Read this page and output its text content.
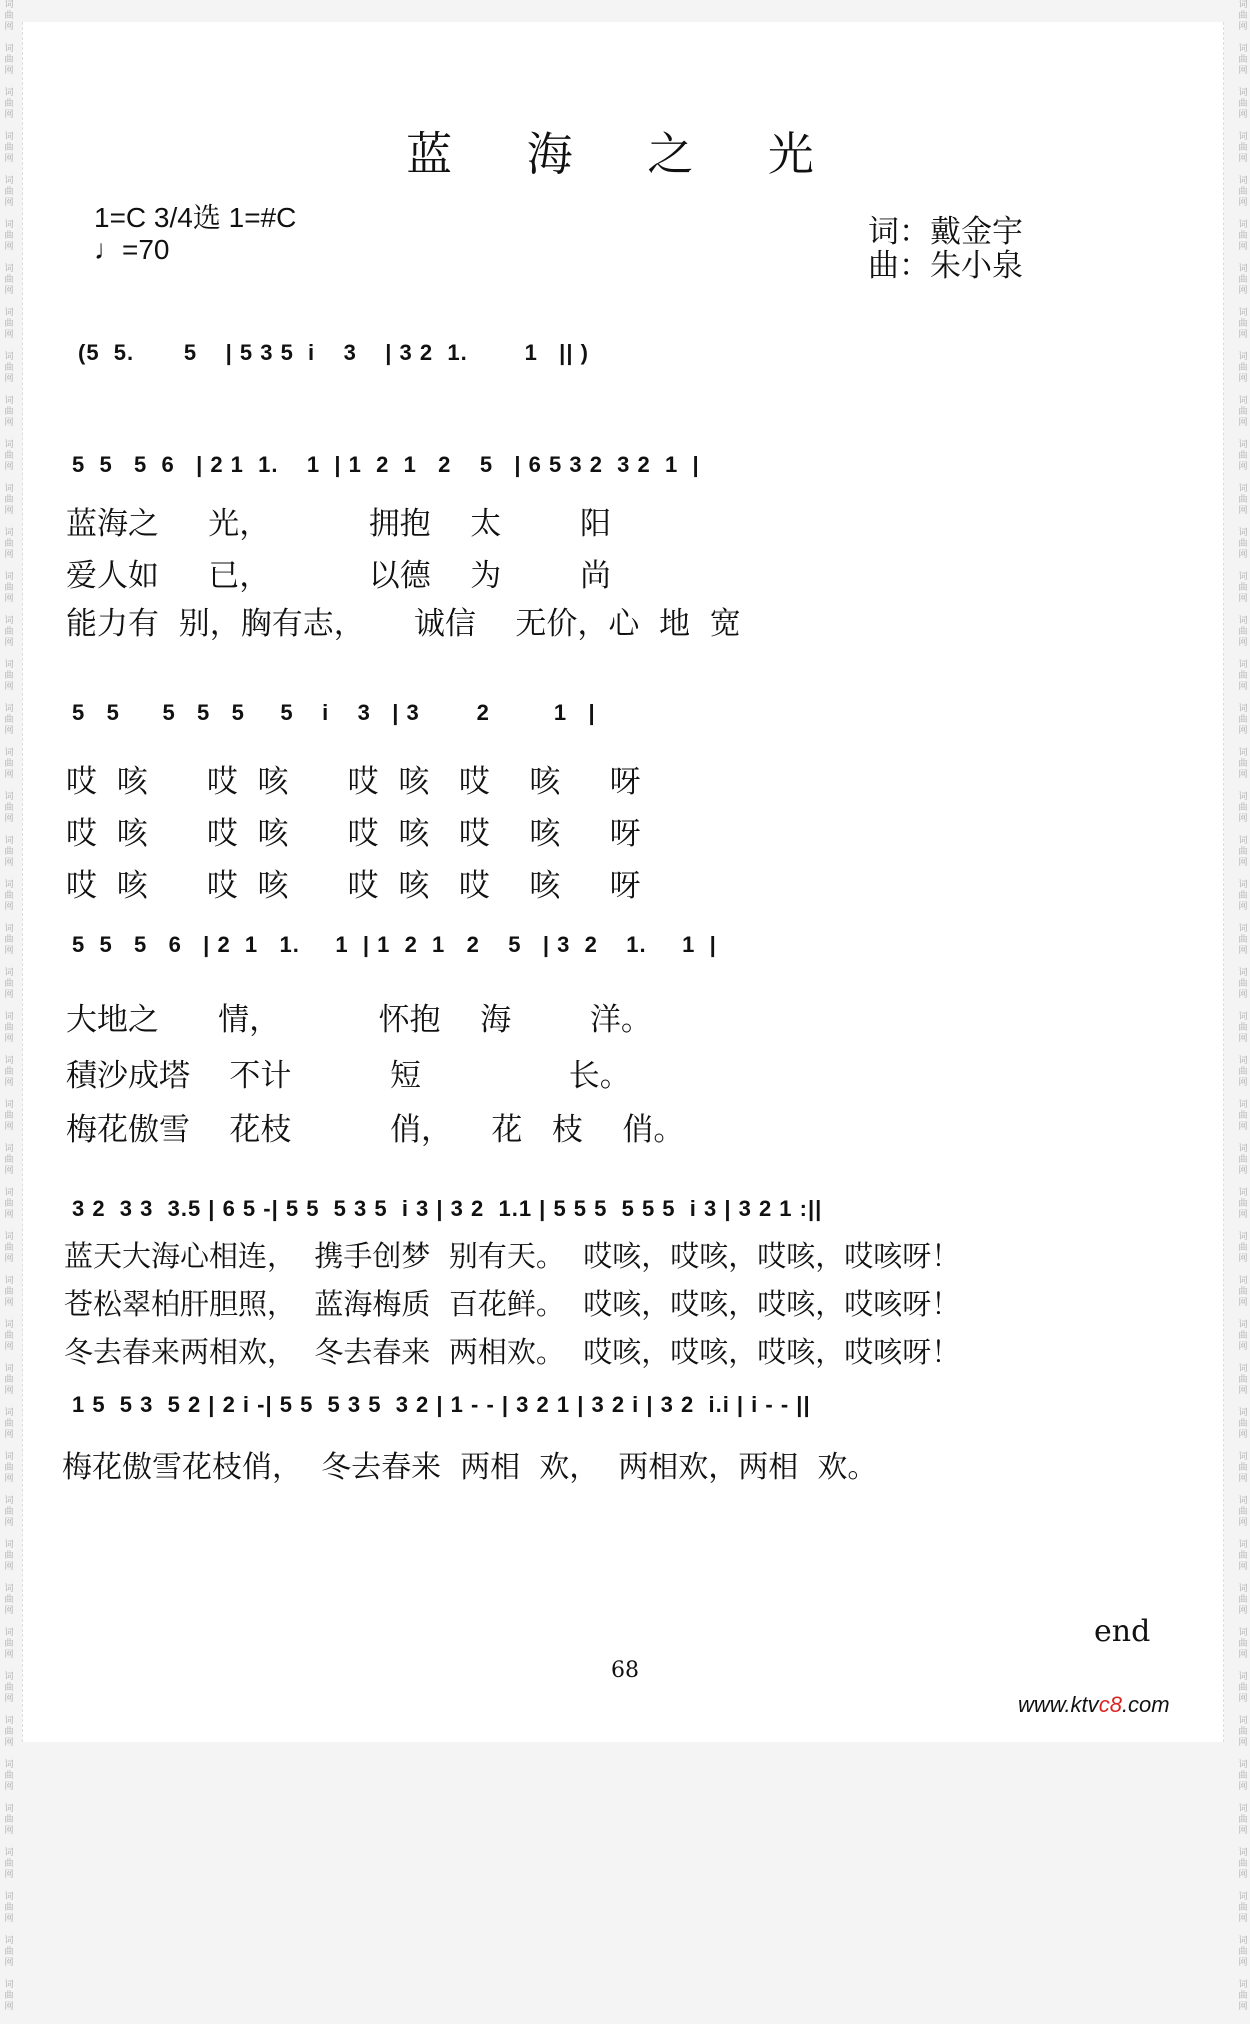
词
曲
网

词
曲
网

词
曲
网

词
曲
网

词
曲
网

词
曲
网

词
曲
网

词
曲
网

词
曲
网

词
曲
网

词
曲
网

词
曲
网

词
曲
网

词
曲
网

词
曲
网

词
曲
网

词
曲
网

词
曲
网

词
曲
网

词
曲
网

词
曲
网

词
曲
网

词
曲
网

词
曲
网

词
曲
网

词
曲
网

词
曲
网

词
曲
网

词
曲
网

词
曲
网

词
曲
网

词
曲
网

词
曲
网

词
曲
网

词
曲
网

词
曲
网

词
曲
网

词
曲
网

词
曲
网

词
曲
网

词
曲
网

词
曲
网

词
曲
网

词
曲
网

词
曲
网

词
曲
网

词
曲
网

词
曲
网

词
曲
网

词
曲
网

词
曲
网

词
曲
网

词
曲
网

词
曲
网

词
曲
网

词
曲
网

词
曲
网

词
曲
网

词
曲
网

词
曲
网

词
曲
网

词
曲
网

词
曲
网

词
曲
网

词
曲
网

词
曲
网

词
曲
网

词
曲
网

词
曲
网

词
曲
网

词
曲
网

词
曲
网

词
曲
网

词
曲
网

词
曲
网

词
曲
网

词
曲
网

词
曲
网

词
曲
网

词
曲
网

词
曲
网

词
曲
网

词
曲
网

词
曲
网

词
曲
网

词
曲
网

词
曲
网

词
曲
网

词
曲
网

词
曲
网

词
曲
网

词
曲
网

蓝 海 之 光
1=C 3/4选 1=#C
♩=70	词：戴金宇
曲：朱小泉
(5  5.       5    | 5 3 5  i    3    | 3 2  1.        1   || )
5  5   5  6   | 2 1  1.    1  | 1  2  1   2    5   | 6 5 3 2  3 2  1  |
蓝海之     光，          拥抱    太        阳
爱人如     已，          以德    为        尚
能力有  别，胸有志，     诚信    无价，心  地  宽
5   5      5   5   5     5    i    3   | 3        2         1   |
哎  咳      哎  咳      哎  咳   哎    咳     呀
哎  咳      哎  咳      哎  咳   哎    咳     呀
哎  咳      哎  咳      哎  咳   哎    咳     呀
5  5   5   6   | 2  1   1.     1  | 1  2  1   2    5   | 3  2    1.     1  |
大地之      情，          怀抱    海        洋。
積沙成塔    不计          短               长。
梅花傲雪    花枝          俏，    花   枝    俏。
3 2  3 3  3.5 | 6 5 -| 5 5  5 3 5  i 3 | 3 2  1.1 | 5 5 5  5 5 5  i 3 | 3 2 1 :||
蓝天大海心相连，  携手创梦  别有天。  哎咳，哎咳，哎咳，哎咳呀！
苍松翠柏肝胆照，  蓝海梅质  百花鲜。  哎咳，哎咳，哎咳，哎咳呀！
冬去春来两相欢，  冬去春来  两相欢。  哎咳，哎咳，哎咳，哎咳呀！
1 5  5 3  5 2 | 2 i -| 5 5  5 3 5  3 2 | 1 - - | 3 2 1 | 3 2 i | 3 2  i.i | i - - ||
梅花傲雪花枝俏，  冬去春来  两相  欢，  两相欢，两相  欢。
end
68
www.ktvc8.com
